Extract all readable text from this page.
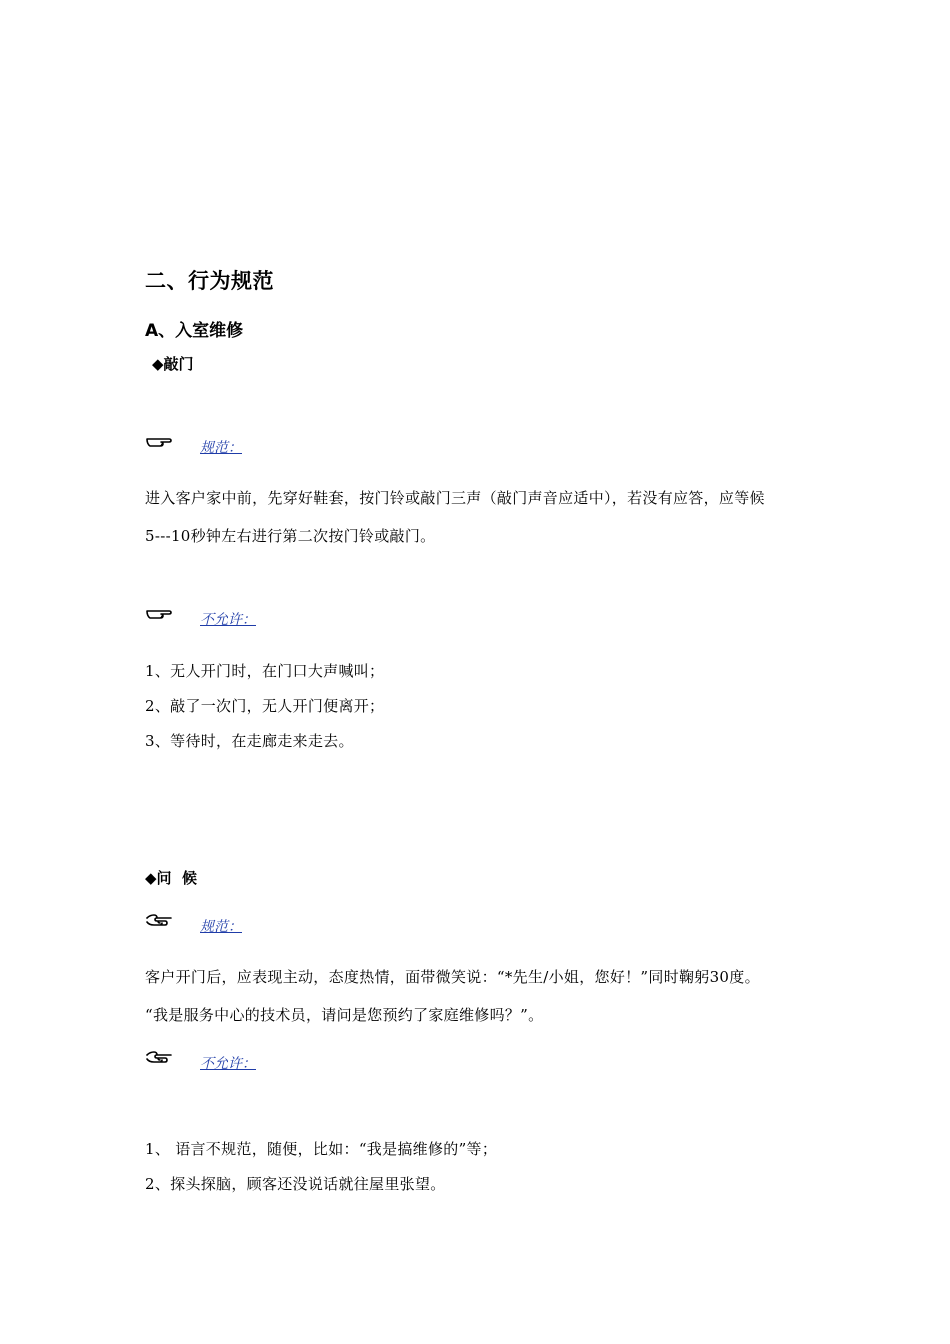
二、行为规范
A、入室维修
◆敲门
规范：
进入客户家中前，先穿好鞋套，按门铃或敲门三声（敲门声音应适中），若没有应答，应等候
5---10秒钟左右进行第二次按门铃或敲门。
不允许：
1、无人开门时，在门口大声喊叫；
2、敲了一次门，无人开门便离开；
3、等待时，在走廊走来走去。
◆问  候
规范：
客户开门后，应表现主动，态度热情，面带微笑说：“*先生/小姐，您好！”同时鞠躬30度。
“我是服务中心的技术员，请问是您预约了家庭维修吗？”。
不允许：
1、 语言不规范，随便，比如：“我是搞维修的”等；
2、探头探脑，顾客还没说话就往屋里张望。
